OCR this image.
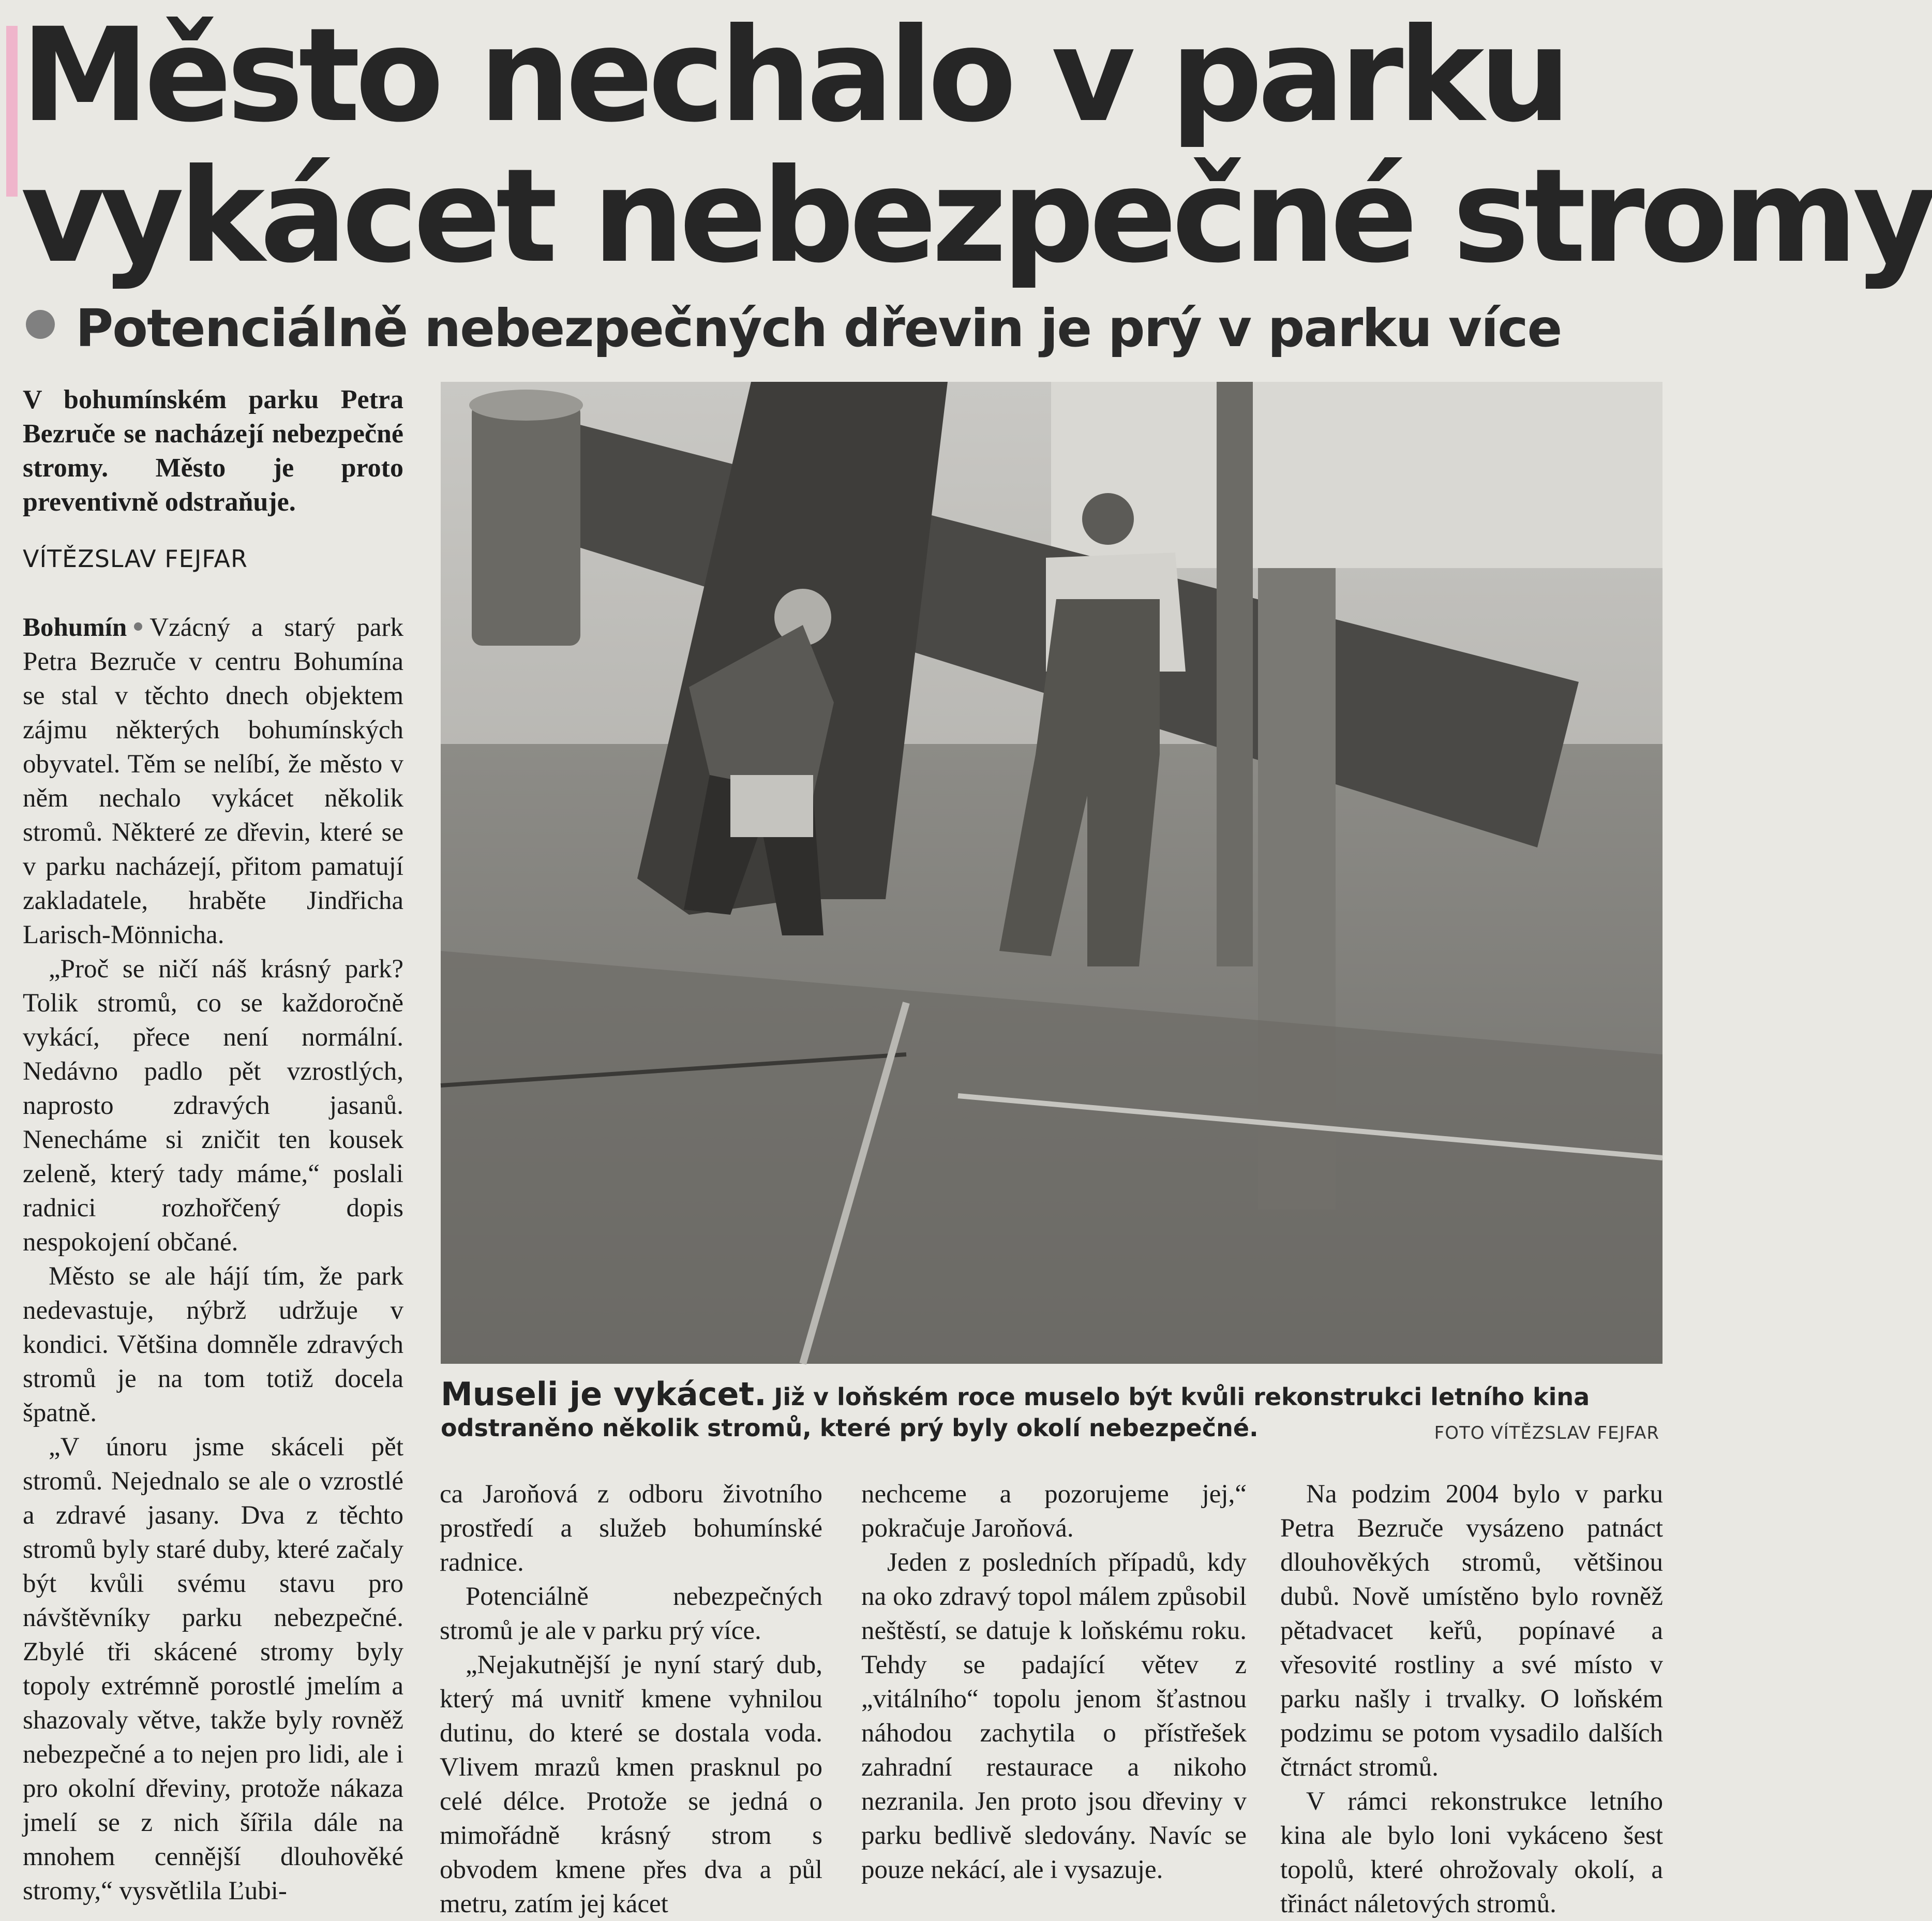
Město nechalo v parku
vykácet nebezpečné stromy
Potenciálně nebezpečných dřevin je prý v parku více
V bohumínském parku Petra Bezruče se nacházejí nebezpečné stromy. Město je proto preventivně odstraňuje.
VÍTĚZSLAV FEJFAR

Bohumín Vzácný a starý park Petra Bezruče v centru Bohumína se stal v těchto dnech objektem zájmu některých bohumínských obyvatel. Těm se nelíbí, že město v něm nechalo vykácet několik stromů. Některé ze dřevin, které se v parku nacházejí, přitom pamatují zakladatele, hraběte Jindřicha Larisch-Mönnicha.

„Proč se ničí náš krásný park? Tolik stromů, co se každoročně vykácí, přece není normální. Nedávno padlo pět vzrostlých, naprosto zdravých jasanů. Nenecháme si zničit ten kousek zeleně, který tady máme,“ poslali radnici rozhořčený dopis nespokojení občané.

Město se ale hájí tím, že park nedevastuje, nýbrž udržuje v kondici. Většina domněle zdravých stromů je na tom totiž docela špatně.

„V únoru jsme skáceli pět stromů. Nejednalo se ale o vzrostlé a zdravé jasany. Dva z těchto stromů byly staré duby, které začaly být kvůli svému stavu pro návštěvníky parku nebezpečné. Zbylé tři skácené stromy byly topoly extrémně porostlé jmelím a shazovaly větve, takže byly rovněž nebezpečné a to nejen pro lidi, ale i pro okolní dřeviny, protože nákaza jmelí se z nich šířila dále na mnohem cennější dlouhověké stromy,“ vysvětlila Ľubi-

Museli je vykácet. Již v loňském roce muselo být kvůli rekonstrukci letního kina odstraněno několik stromů, které prý byly okolí nebezpečné.	FOTO VÍTĚZSLAV FEJFAR

ca Jaroňová z odboru životního prostředí a služeb bohumínské radnice.

Potenciálně nebezpečných stromů je ale v parku prý více.

„Nejakutnější je nyní starý dub, který má uvnitř kmene vyhnilou dutinu, do které se dostala voda. Vlivem mrazů kmen prasknul po celé délce. Protože se jedná o mimořádně krásný strom s obvodem kmene přes dva a půl metru, zatím jej kácet

nechceme a pozorujeme jej,“ pokračuje Jaroňová.

Jeden z posledních případů, kdy na oko zdravý topol málem způsobil neštěstí, se datuje k loňskému roku. Tehdy se padající větev z „vitálního“ topolu jenom šťastnou náhodou zachytila o přístřešek zahradní restaurace a nikoho nezranila. Jen proto jsou dřeviny v parku bedlivě sledovány. Navíc se pouze nekácí, ale i vysazuje.

Na podzim 2004 bylo v parku Petra Bezruče vysázeno patnáct dlouhověkých stromů, většinou dubů. Nově umístěno bylo rovněž pětadvacet keřů, popínavé a vřesovité rostliny a své místo v parku našly i trvalky. O loňském podzimu se potom vysadilo dalších čtrnáct stromů.

V rámci rekonstrukce letního kina ale bylo loni vykáceno šest topolů, které ohrožovaly okolí, a třináct náletových stromů.
